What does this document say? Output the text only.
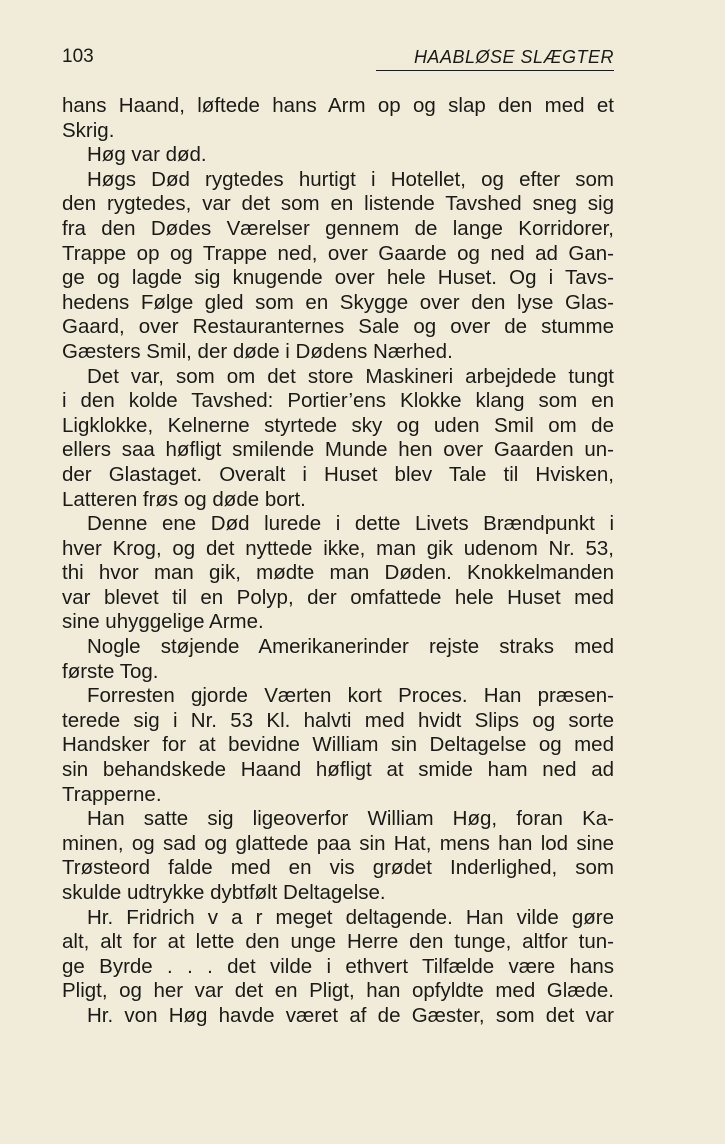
103	HAABLØSE SLÆGTER
hans Haand, løftede hans Arm op og slap den med et
Skrig.
Høg var død.
Høgs Død rygtedes hurtigt i Hotellet, og efter som
den rygtedes, var det som en listende Tavshed sneg sig
fra den Dødes Værelser gennem de lange Korridorer,
Trappe op og Trappe ned, over Gaarde og ned ad Gan-
ge og lagde sig knugende over hele Huset. Og i Tavs-
hedens Følge gled som en Skygge over den lyse Glas-
Gaard, over Restauranternes Sale og over de stumme
Gæsters Smil, der døde i Dødens Nærhed.
Det var, som om det store Maskineri arbejdede tungt
i den kolde Tavshed: Portier’ens Klokke klang som en
Ligklokke, Kelnerne styrtede sky og uden Smil om de
ellers saa høfligt smilende Munde hen over Gaarden un-
der Glastaget. Overalt i Huset blev Tale til Hvisken,
Latteren frøs og døde bort.
Denne ene Død lurede i dette Livets Brændpunkt i
hver Krog, og det nyttede ikke, man gik udenom Nr. 53,
thi hvor man gik, mødte man Døden. Knokkelmanden
var blevet til en Polyp, der omfattede hele Huset med
sine uhyggelige Arme.
Nogle støjende Amerikanerinder rejste straks med
første Tog.
Forresten gjorde Værten kort Proces. Han præsen-
terede sig i Nr. 53 Kl. halvti med hvidt Slips og sorte
Handsker for at bevidne William sin Deltagelse og med
sin behandskede Haand høfligt at smide ham ned ad
Trapperne.
Han satte sig ligeoverfor William Høg, foran Ka-
minen, og sad og glattede paa sin Hat, mens han lod sine
Trøsteord falde med en vis grødet Inderlighed, som
skulde udtrykke dybtfølt Deltagelse.
Hr. Fridrich v a r meget deltagende. Han vilde gøre
alt, alt for at lette den unge Herre den tunge, altfor tun-
ge Byrde . . . det vilde i ethvert Tilfælde være hans
Pligt, og her var det en Pligt, han opfyldte med Glæde.
Hr. von Høg havde været af de Gæster, som det var
